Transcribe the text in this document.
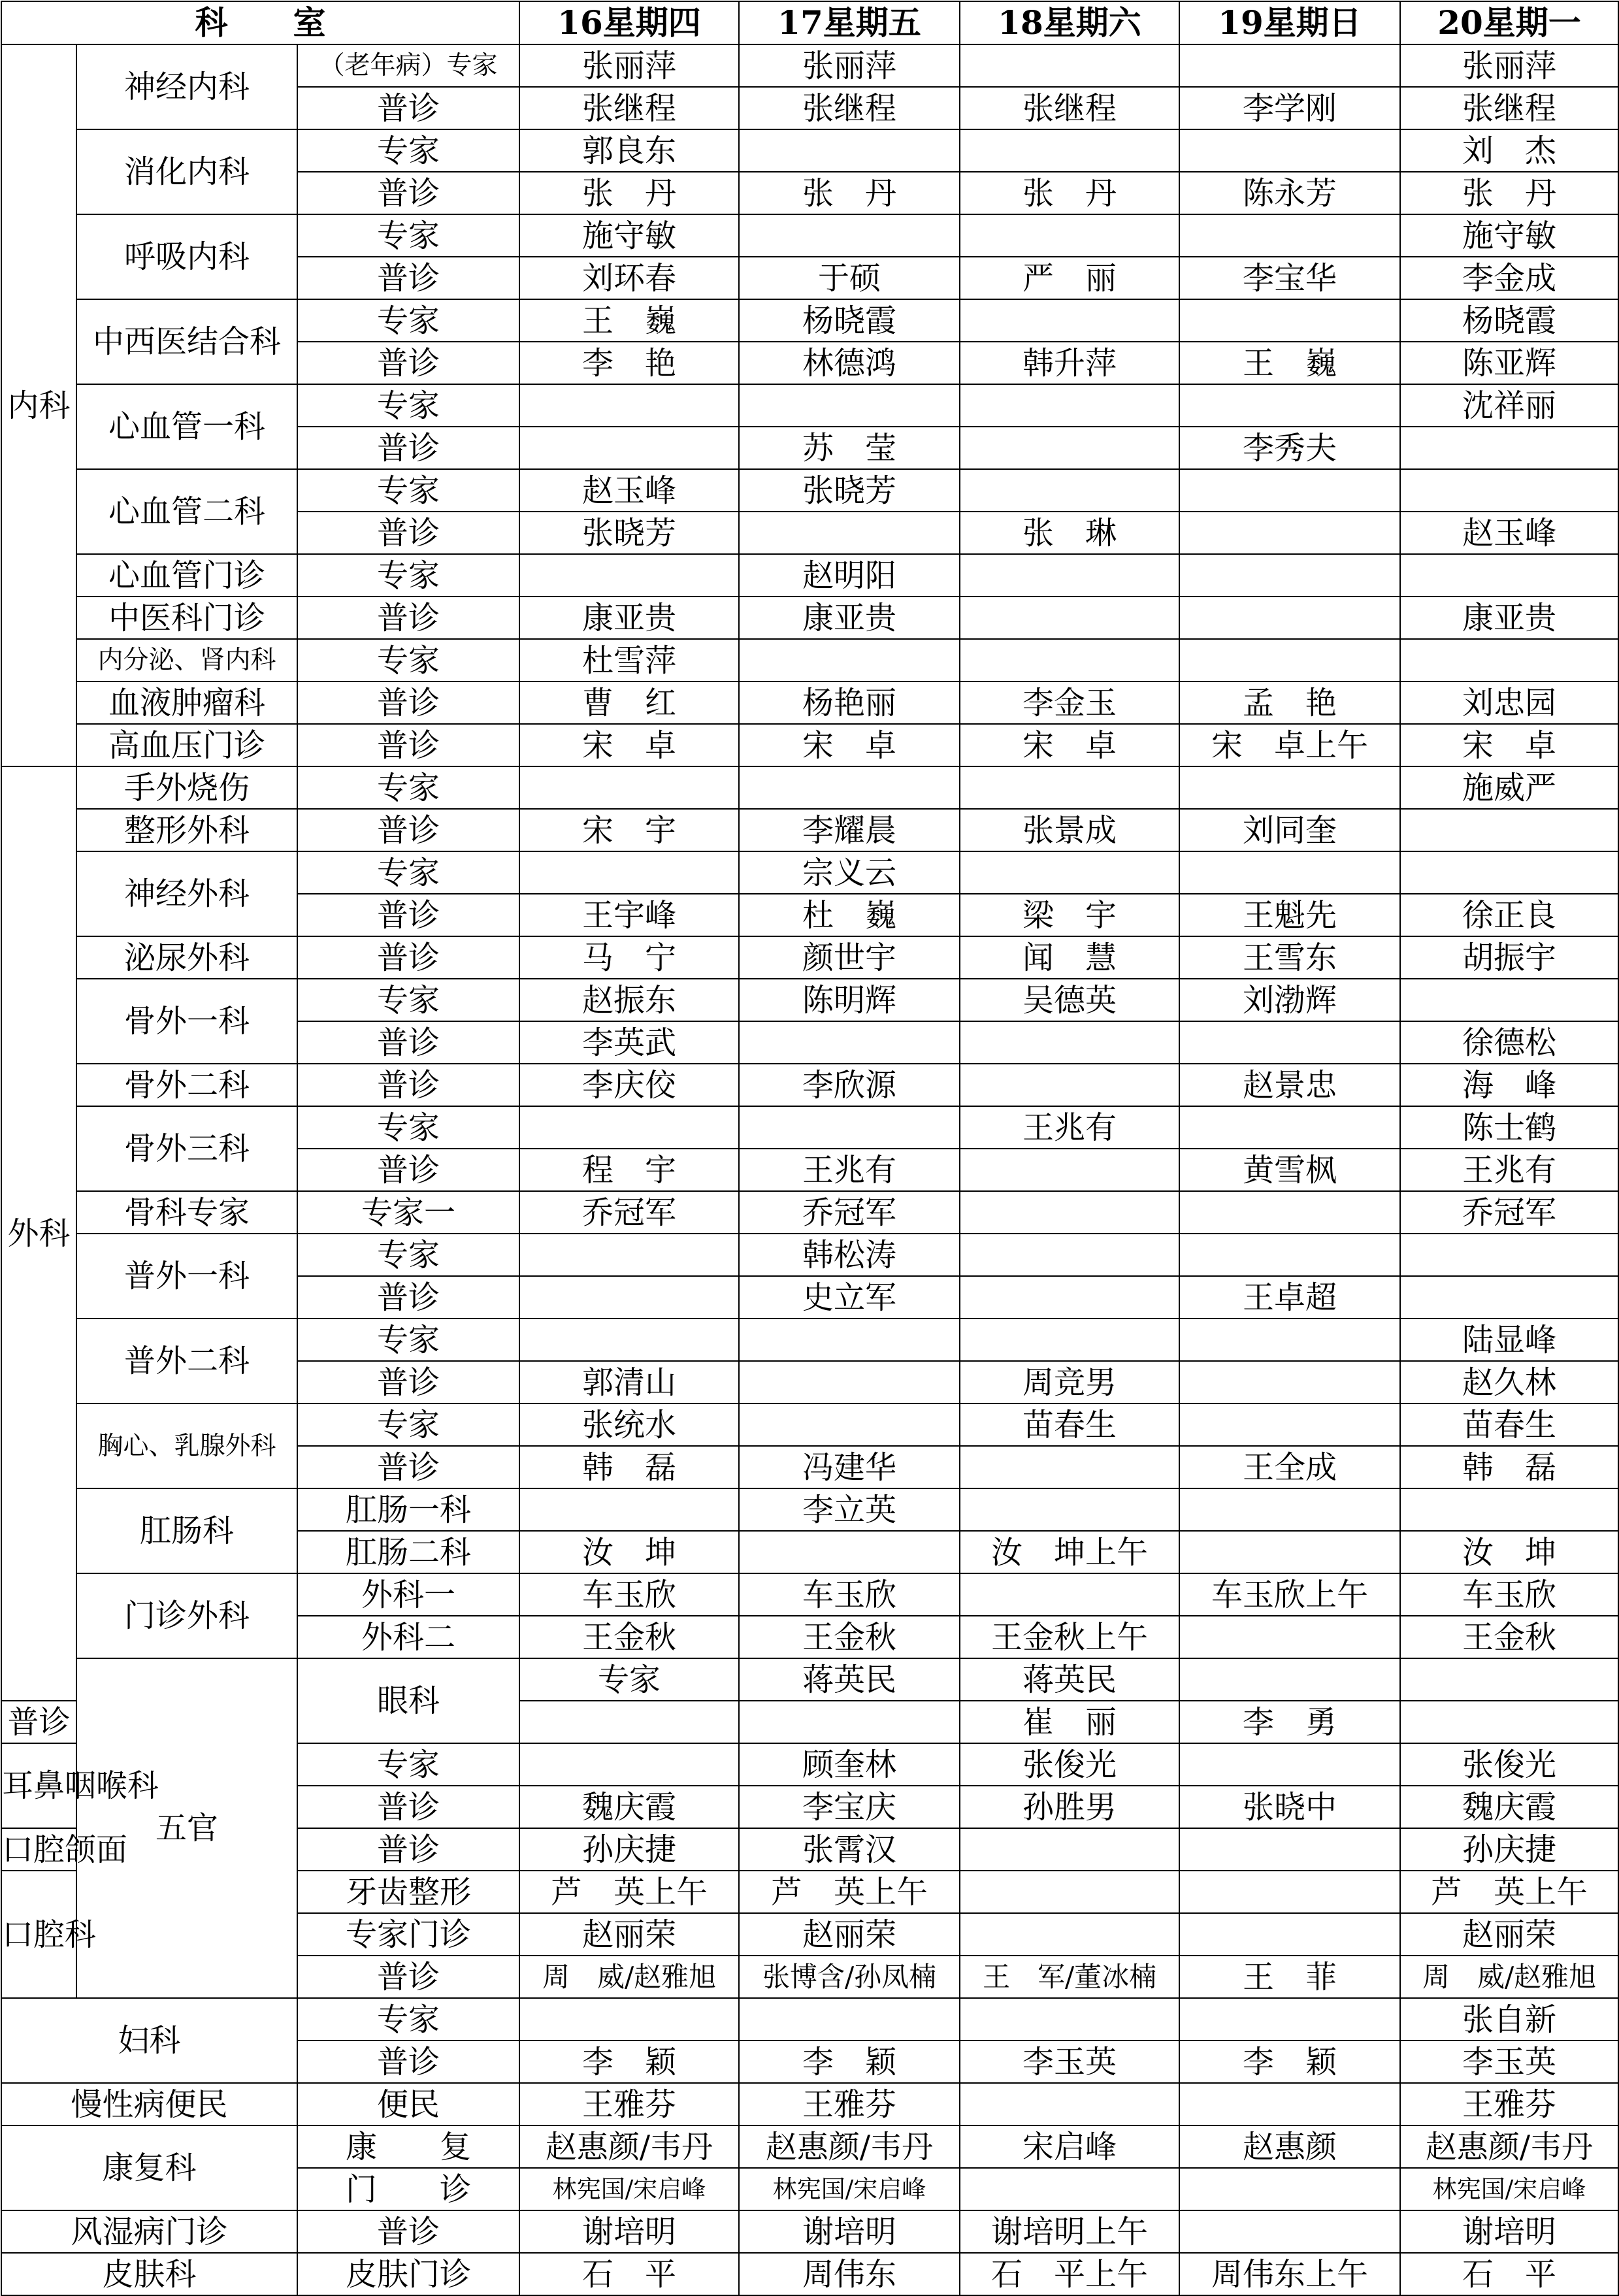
科　　室			16星期四	17星期五	18星期六	19星期日	20星期一	
内科	神经内科	（老年病）专家	张丽萍	张丽萍			张丽萍	
		普诊	张继程	张继程	张继程	李学刚	张继程	
	消化内科	专家	郭良东				刘　杰	
		普诊	张　丹	张　丹	张　丹	陈永芳	张　丹	
	呼吸内科	专家	施守敏				施守敏	
		普诊	刘环春	于硕	严　丽	李宝华	李金成	
	中西医结合科	专家	王　巍	杨晓霞			杨晓霞	
		普诊	李　艳	林德鸿	韩升萍	王　巍	陈亚辉	
	心血管一科	专家					沈祥丽	
		普诊		苏　莹		李秀夫		
	心血管二科	专家	赵玉峰	张晓芳				
		普诊	张晓芳		张　琳		赵玉峰	
	心血管门诊	专家		赵明阳				
	中医科门诊	普诊	康亚贵	康亚贵			康亚贵	
	内分泌、肾内科	专家	杜雪萍					
	血液肿瘤科	普诊	曹　红	杨艳丽	李金玉	孟　艳	刘忠园	
	高血压门诊	普诊	宋　卓	宋　卓	宋　卓	宋　卓上午	宋　卓	
外科	手外烧伤	专家					施威严	
	整形外科	普诊	宋　宇	李耀晨	张景成	刘同奎		
	神经外科	专家		宗义云				
		普诊	王宇峰	杜　巍	梁　宇	王魁先	徐正良	
	泌尿外科	普诊	马　宁	颜世宇	闻　慧	王雪东	胡振宇	
	骨外一科	专家	赵振东	陈明辉	吴德英	刘渤辉		
		普诊	李英武				徐德松	
	骨外二科	普诊	李庆佼	李欣源		赵景忠	海　峰	
	骨外三科	专家			王兆有		陈士鹤	
		普诊	程　宇	王兆有		黄雪枫	王兆有	
	骨科专家	专家一	乔冠军	乔冠军			乔冠军	
	普外一科	专家		韩松涛				
		普诊		史立军		王卓超		
	普外二科	专家					陆显峰	
		普诊	郭清山		周竞男		赵久林	
	胸心、乳腺外科	专家	张统水		苗春生		苗春生	
		普诊	韩　磊	冯建华		王全成	韩　磊	
	肛肠科	肛肠一科		李立英				
		肛肠二科	汝　坤		汝　坤上午		汝　坤	
	门诊外科	外科一	车玉欣	车玉欣		车玉欣上午	车玉欣	
		外科二	王金秋	王金秋	王金秋上午		王金秋	
	五官	眼科	专家	蒋英民	蒋英民			
普诊					崔　丽	李　勇		
耳鼻咽喉科		专家		顾奎林	张俊光		张俊光	
		普诊	魏庆霞	李宝庆	孙胜男	张晓中	魏庆霞	
口腔颌面		普诊	孙庆捷	张霄汉			孙庆捷	
口腔科		牙齿整形	芦　英上午	芦　英上午			芦　英上午	
		专家门诊	赵丽荣	赵丽荣			赵丽荣	
		普诊	周　威/赵雅旭	张博含/孙凤楠	王　军/董冰楠	王　菲	周　威/赵雅旭	
妇科		专家					张自新	
		普诊	李　颖	李　颖	李玉英	李　颖	李玉英	
慢性病便民		便民	王雅芬	王雅芬			王雅芬	
康复科		康　　复	赵惠颜/韦丹	赵惠颜/韦丹	宋启峰	赵惠颜	赵惠颜/韦丹	
		门　　诊	林宪国/宋启峰	林宪国/宋启峰			林宪国/宋启峰	
风湿病门诊		普诊	谢培明	谢培明	谢培明上午		谢培明	
皮肤科		皮肤门诊	石　平	周伟东	石　平上午	周伟东上午	石　平	
